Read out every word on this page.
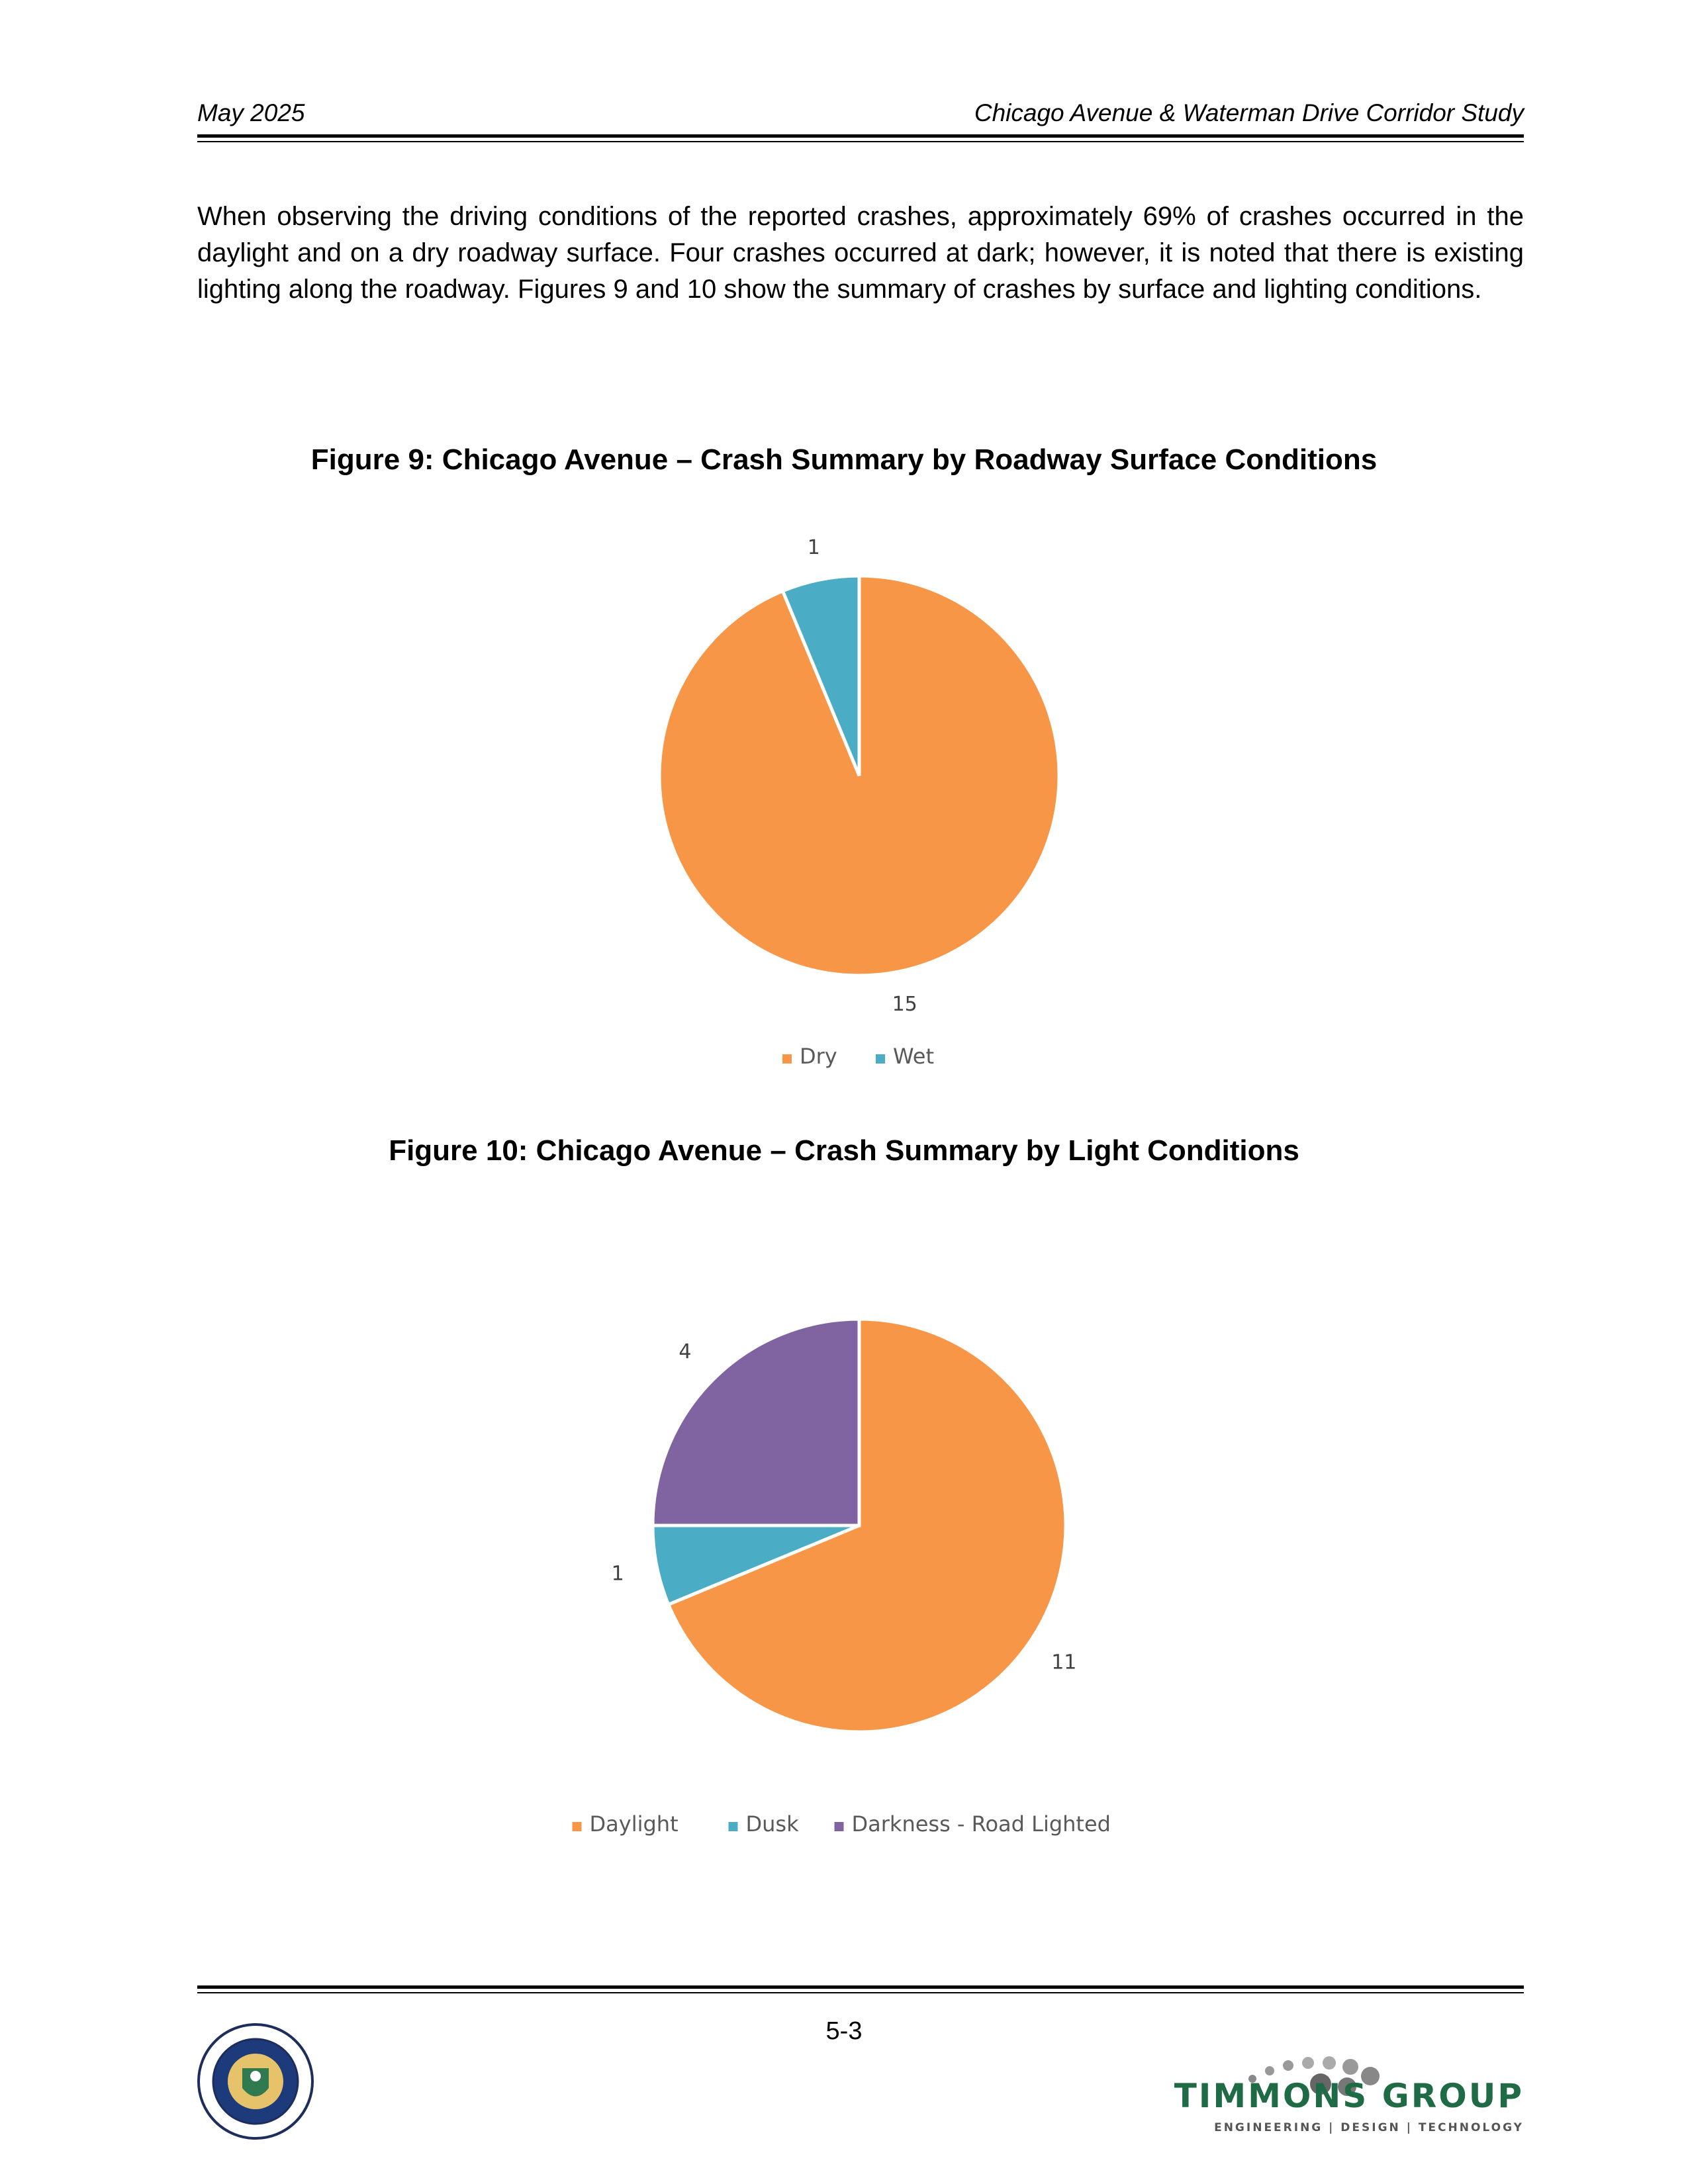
May 2025	Chicago Avenue & Waterman Drive Corridor Study

When observing the driving conditions of the reported crashes, approximately 69% of crashes occurred in the daylight and on a dry roadway surface. Four crashes occurred at dark; however, it is noted that there is existing lighting along the roadway. Figures 9 and 10 show the summary of crashes by surface and lighting conditions.

Figure 9: Chicago Avenue – Crash Summary by Roadway Surface Conditions
15
1
Dry	Wet
Figure 10: Chicago Avenue – Crash Summary by Light Conditions
11
1
4
Daylight	Dusk Darkness - Road Lighted
5-3
TIMMONS GROUP
ENGINEERING | DESIGN | TECHNOLOGY
